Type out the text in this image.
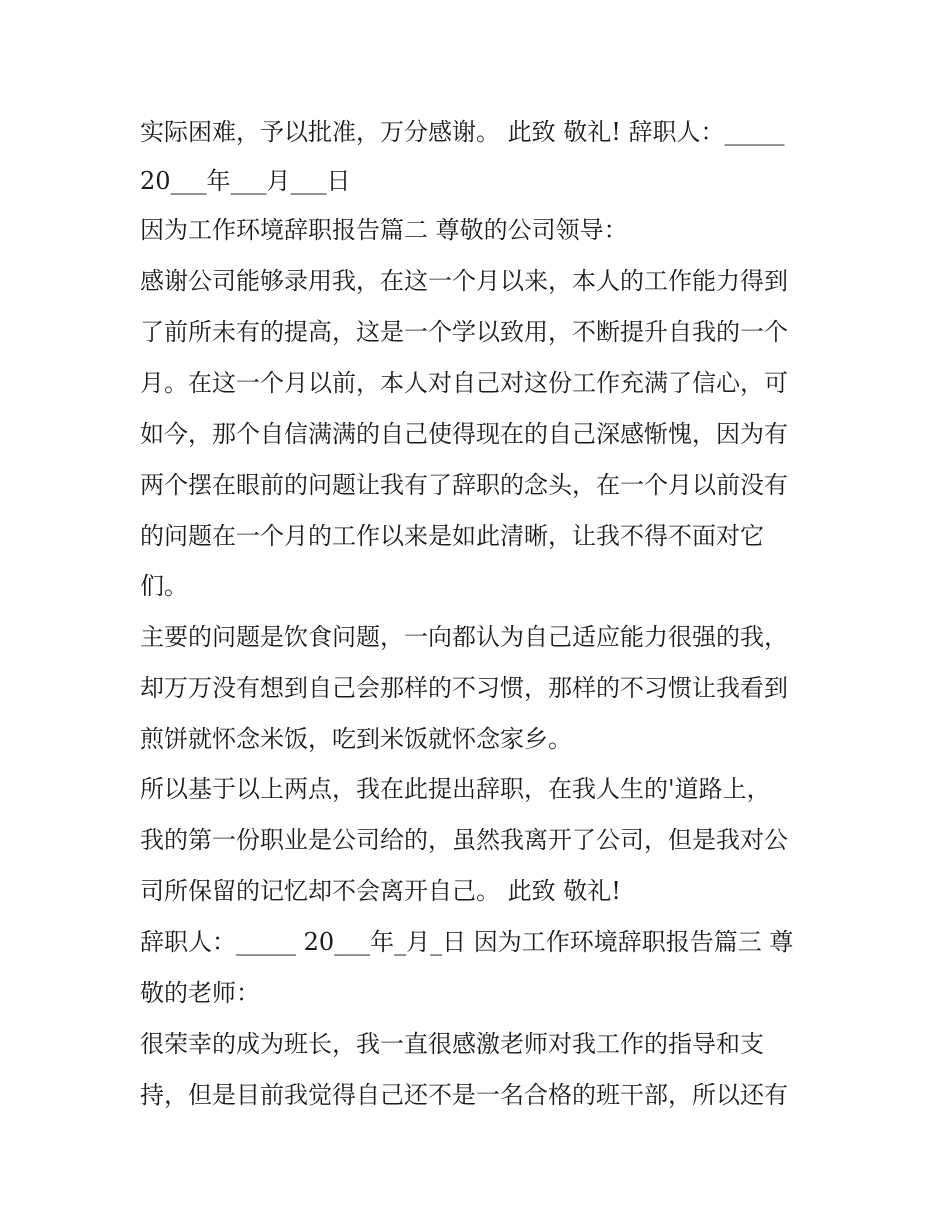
实际困难，予以批准，万分感谢。 此致 敬礼! 辞职人：_____
20___年___月___日
因为工作环境辞职报告篇二 尊敬的公司领导：
感谢公司能够录用我，在这一个月以来，本人的工作能力得到
了前所未有的提高，这是一个学以致用，不断提升自我的一个
月。在这一个月以前，本人对自己对这份工作充满了信心，可
如今，那个自信满满的自己使得现在的自己深感惭愧，因为有
两个摆在眼前的问题让我有了辞职的念头，在一个月以前没有
的问题在一个月的工作以来是如此清晰，让我不得不面对它
们。
主要的问题是饮食问题，一向都认为自己适应能力很强的我，
却万万没有想到自己会那样的不习惯，那样的不习惯让我看到
煎饼就怀念米饭，吃到米饭就怀念家乡。
所以基于以上两点，我在此提出辞职，在我人生的'道路上，
我的第一份职业是公司给的，虽然我离开了公司，但是我对公
司所保留的记忆却不会离开自己。 此致 敬礼!
辞职人：_____ 20___年_月_日 因为工作环境辞职报告篇三 尊
敬的老师：
很荣幸的成为班长，我一直很感激老师对我工作的指导和支
持，但是目前我觉得自己还不是一名合格的班干部，所以还有
